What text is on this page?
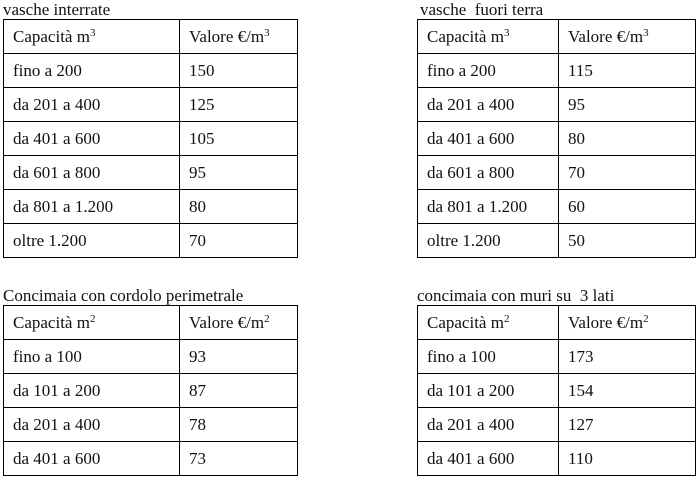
vasche interrate

Capacità $m^3$	Valore $€/m^3$
fino a 200	150
da 201 a 400	125
da 401 a 600	105
da 601 a 800	95
da 801 a 1.200	80
oltre 1.200	70

vasche  fuori terra

Capacità $m^3$	Valore $€/m^3$
fino a 200	115
da 201 a 400	95
da 401 a 600	80
da 601 a 800	70
da 801 a 1.200	60
oltre 1.200	50

Concimaia con cordolo perimetrale

Capacità $m^2$	Valore $€/m^2$
fino a 100	93
da 101 a 200	87
da 201 a 400	78
da 401 a 600	73

concimaia con muri su  3 lati

Capacità $m^2$	Valore $€/m^2$
fino a 100	173
da 101 a 200	154
da 201 a 400	127
da 401 a 600	110
